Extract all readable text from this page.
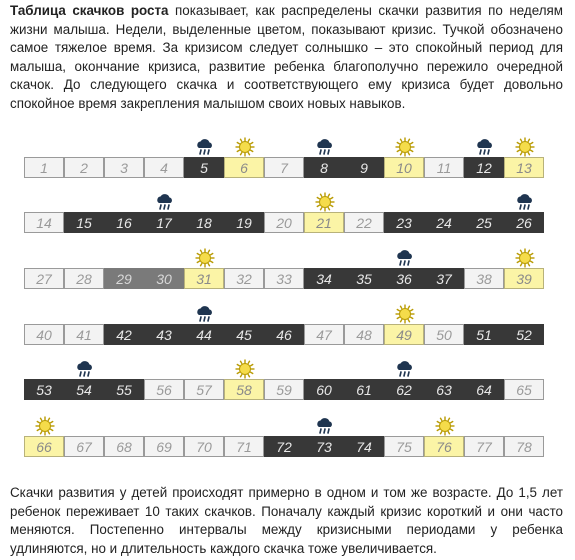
Таблица скачков роста показывает, как распределены скачки развития по неделям жизни малыша. Недели, выделенные цветом, показывают кризис. Тучкой обозначено самое тяжелое время. За кризисом следует солнышко – это спокойный период для малыша, окончание кризиса, развитие ребенка благополучно пережило очередной скачок. До следующего скачка и соответствующего ему кризиса будет довольно спокойное время закрепления малышом своих новых навыков.

1 2 3 4 5 6 7 8 9 10 11 12 13
14 15 16 17 18 19 20 21 22 23 24 25 26
27 28 29 30 31 32 33 34 35 36 37 38 39
40 41 42 43 44 45 46 47 48 49 50 51 52
53 54 55 56 57 58 59 60 61 62 63 64 65
66 67 68 69 70 71 72 73 74 75 76 77 78

Скачки развития у детей происходят примерно в одном и том же возрасте. До 1,5 лет ребенок переживает 10 таких скачков. Поначалу каждый кризис короткий и они часто меняются. Постепенно интервалы между кризисными периодами у ребенка удлиняются, но и длительность каждого скачка тоже увеличивается.
